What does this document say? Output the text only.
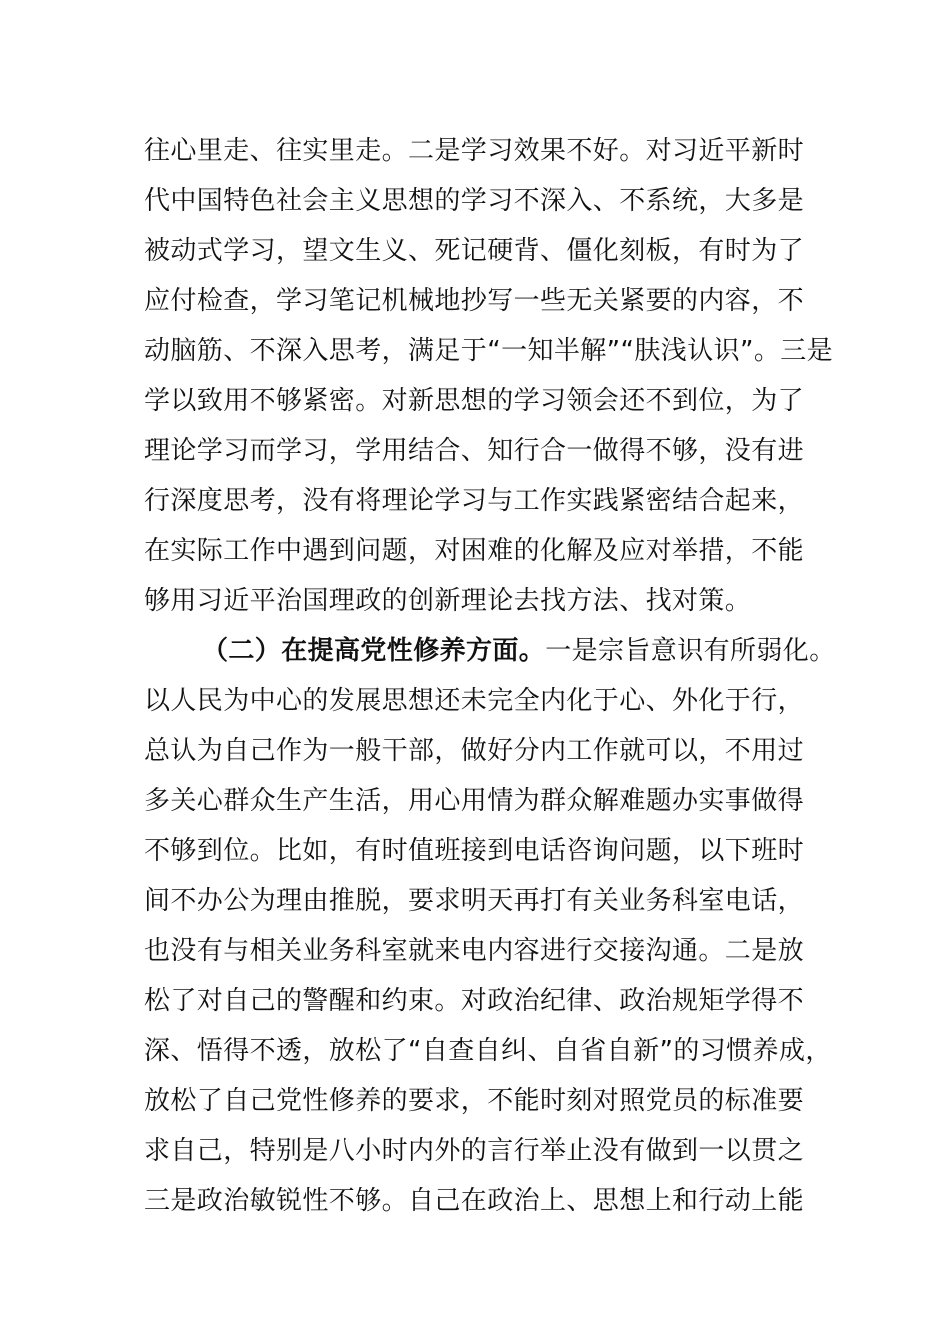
往心里走、往实里走。二是学习效果不好。对习近平新时
代中国特色社会主义思想的学习不深入、不系统，大多是
被动式学习，望文生义、死记硬背、僵化刻板，有时为了
应付检查，学习笔记机械地抄写一些无关紧要的内容，不
动脑筋、不深入思考，满足于“一知半解”“肤浅认识”。三是
学以致用不够紧密。对新思想的学习领会还不到位，为了
理论学习而学习，学用结合、知行合一做得不够，没有进
行深度思考，没有将理论学习与工作实践紧密结合起来，
在实际工作中遇到问题，对困难的化解及应对举措，不能
够用习近平治国理政的创新理论去找方法、找对策。
（二）在提高党性修养方面。一是宗旨意识有所弱化。
以人民为中心的发展思想还未完全内化于心、外化于行，
总认为自己作为一般干部，做好分内工作就可以，不用过
多关心群众生产生活，用心用情为群众解难题办实事做得
不够到位。比如，有时值班接到电话咨询问题，以下班时
间不办公为理由推脱，要求明天再打有关业务科室电话，
也没有与相关业务科室就来电内容进行交接沟通。二是放
松了对自己的警醒和约束。对政治纪律、政治规矩学得不
深、悟得不透，放松了“自查自纠、自省自新”的习惯养成，
放松了自己党性修养的要求，不能时刻对照党员的标准要
求自己，特别是八小时内外的言行举止没有做到一以贯之
三是政治敏锐性不够。自己在政治上、思想上和行动上能
